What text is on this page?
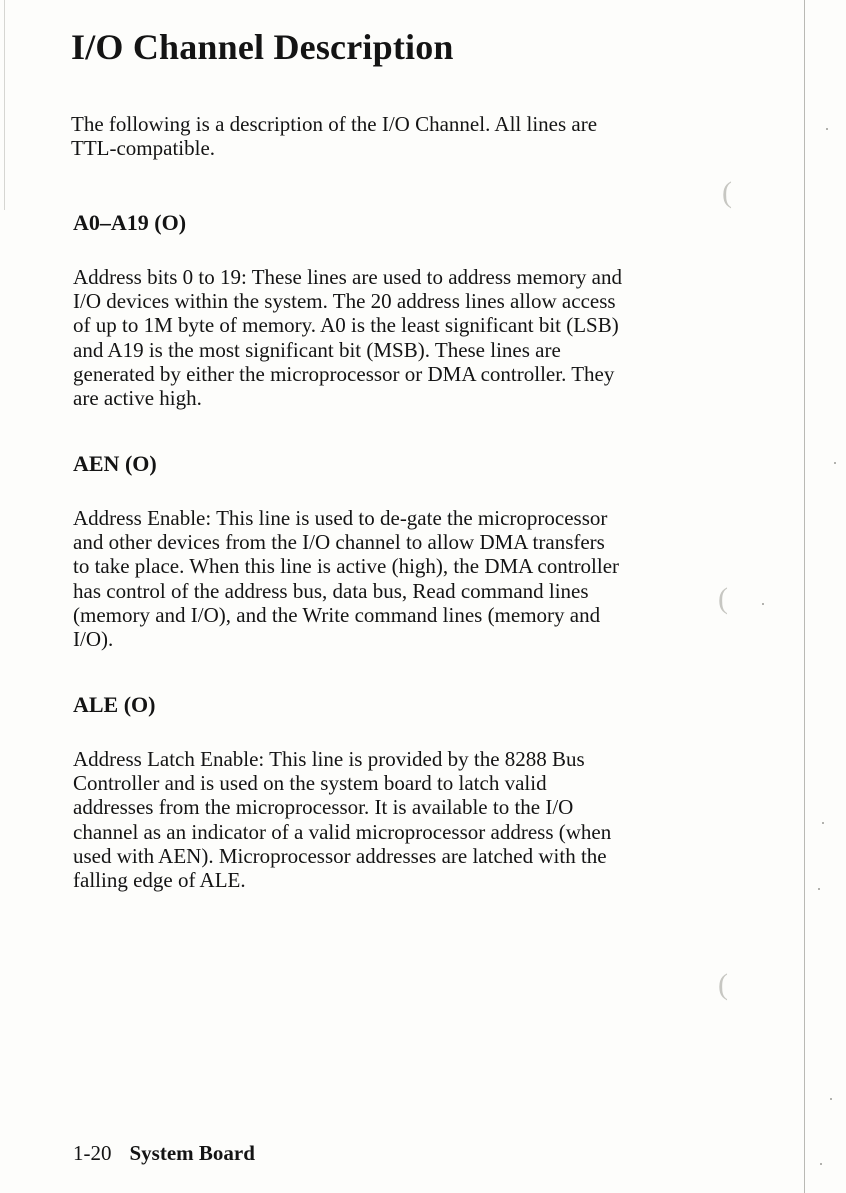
(
(
(
I/O Channel Description

The following is a description of the I/O Channel. All lines are
TTL-compatible.

A0–A19 (O)

Address bits 0 to 19: These lines are used to address memory and
I/O devices within the system. The 20 address lines allow access
of up to 1M byte of memory. A0 is the least significant bit (LSB)
and A19 is the most significant bit (MSB). These lines are
generated by either the microprocessor or DMA controller. They
are active high.

AEN (O)

Address Enable: This line is used to de-gate the microprocessor
and other devices from the I/O channel to allow DMA transfers
to take place. When this line is active (high), the DMA controller
has control of the address bus, data bus, Read command lines
(memory and I/O), and the Write command lines (memory and
I/O).

ALE (O)

Address Latch Enable: This line is provided by the 8288 Bus
Controller and is used on the system board to latch valid
addresses from the microprocessor. It is available to the I/O
channel as an indicator of a valid microprocessor address (when
used with AEN). Microprocessor addresses are latched with the
falling edge of ALE.

1-20 System Board
